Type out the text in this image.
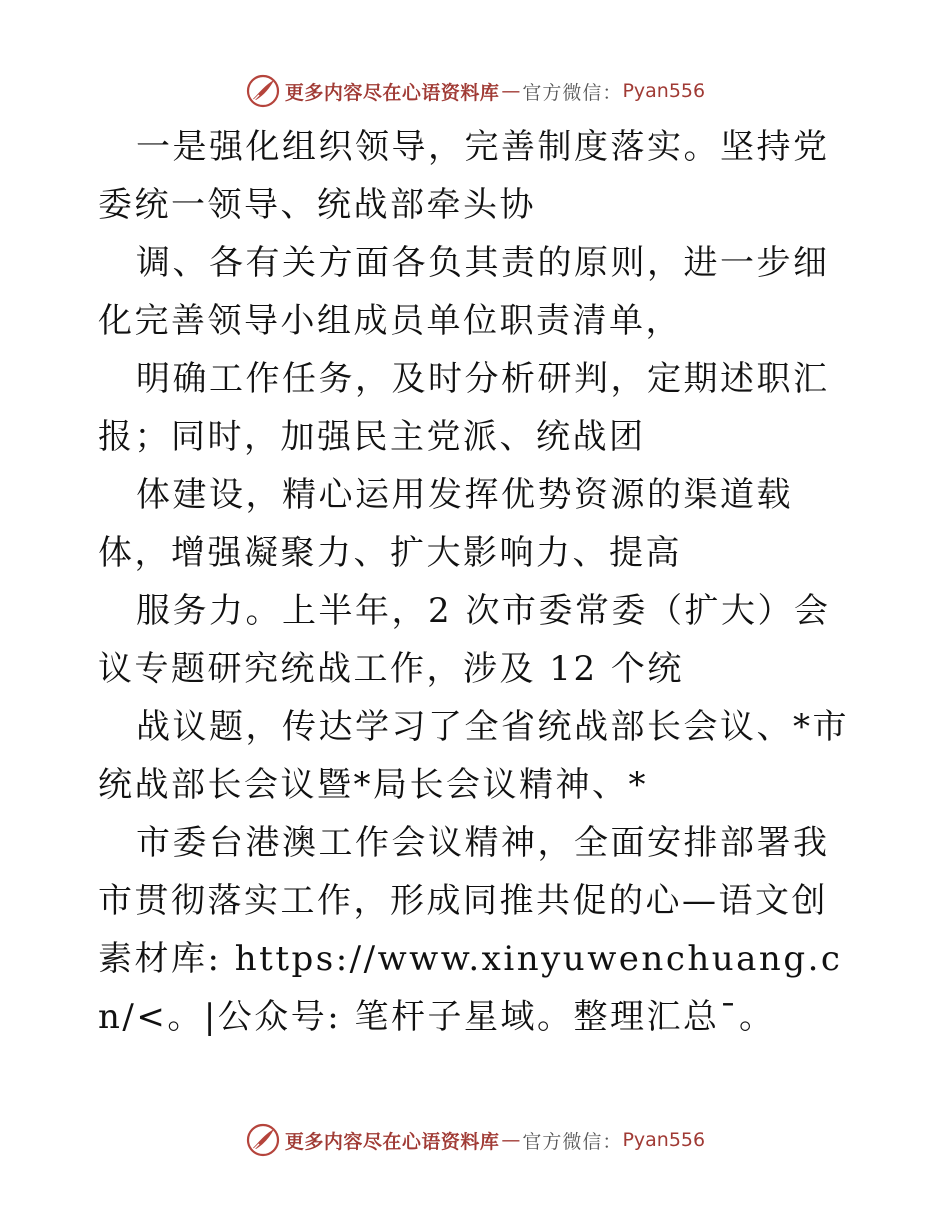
更多内容尽在心语资料库 — 官方微信： Pyan556

一是强化组织领导，完善制度落实。坚持党委统一领导、统战部牵头协

调、各有关方面各负其责的原则，进一步细化完善领导小组成员单位职责清单，

明确工作任务，及时分析研判，定期述职汇报；同时，加强民主党派、统战团

体建设，精心运用发挥优势资源的渠道载体，增强凝聚力、扩大影响力、提高

服务力。上半年，2 次市委常委（扩大）会议专题研究统战工作，涉及 12 个统

战议题，传达学习了全省统战部长会议、*市统战部长会议暨*局长会议精神、*

市委台港澳工作会议精神，全面安排部署我市贯彻落实工作，形成同推共促的心—语文创素材库: https://www.xinyuwenchuang.cn/<。|公众号: 笔杆子星域。整理汇总¯。

更多内容尽在心语资料库 — 官方微信： Pyan556
